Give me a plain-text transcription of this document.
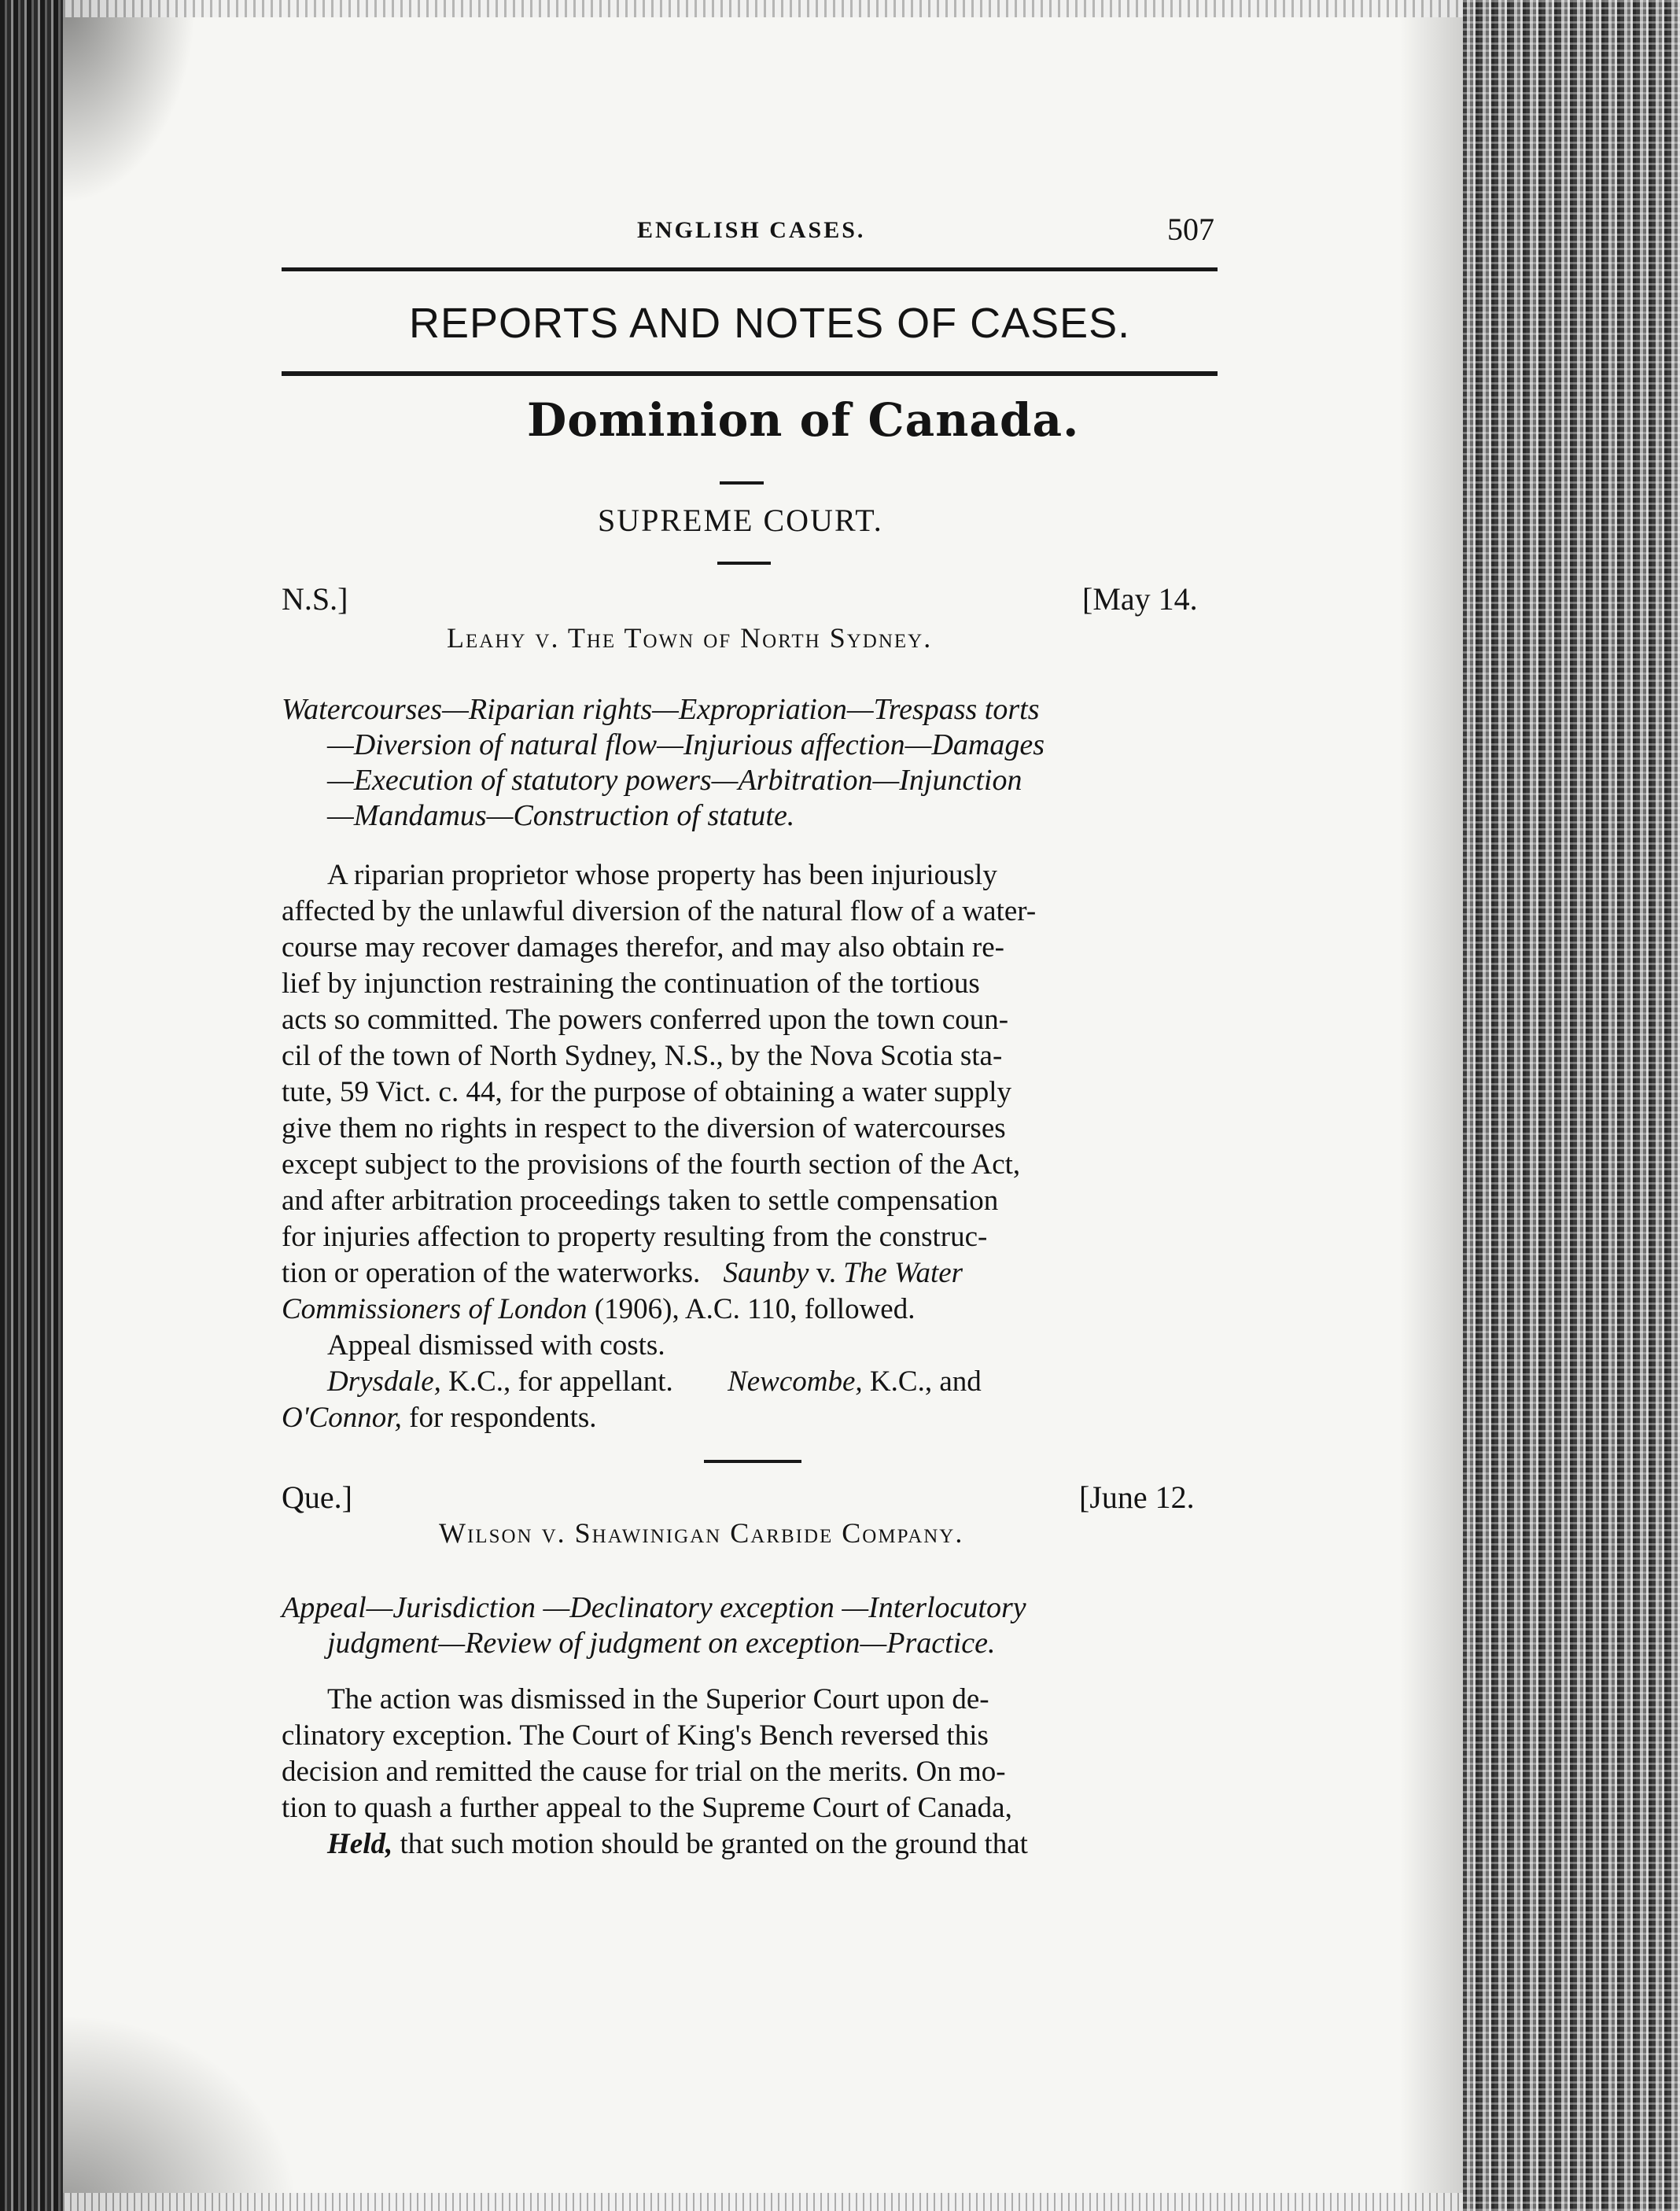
ENGLISH CASES.	507
REPORTS AND NOTES OF CASES.
Dominion of Canada.
SUPREME COURT.
N.S.]	[May 14.
Leahy v. The Town of North Sydney.
Watercourses—Riparian rights—Expropriation—Trespass torts
—Diversion of natural flow—Injurious affection—Damages
—Execution of statutory powers—Arbitration—Injunction
—Mandamus—Construction of statute.
A riparian proprietor whose property has been injuriously
affected by the unlawful diversion of the natural flow of a water-
course may recover damages therefor, and may also obtain re-
lief by injunction restraining the continuation of the tortious
acts so committed. The powers conferred upon the town coun-
cil of the town of North Sydney, N.S., by the Nova Scotia sta-
tute, 59 Vict. c. 44, for the purpose of obtaining a water supply
give them no rights in respect to the diversion of watercourses
except subject to the provisions of the fourth section of the Act,
and after arbitration proceedings taken to settle compensation
for injuries affection to property resulting from the construc-
tion or operation of the waterworks. Saunby v. The Water
Commissioners of London (1906), A.C. 110, followed.
Appeal dismissed with costs.
Drysdale, K.C., for appellant. Newcombe, K.C., and
O'Connor, for respondents.
Que.]	[June 12.
Wilson v. Shawinigan Carbide Company.
Appeal—Jurisdiction —Declinatory exception —Interlocutory
judgment—Review of judgment on exception—Practice.
The action was dismissed in the Superior Court upon de-
clinatory exception. The Court of King's Bench reversed this
decision and remitted the cause for trial on the merits. On mo-
tion to quash a further appeal to the Supreme Court of Canada,
Held, that such motion should be granted on the ground that
